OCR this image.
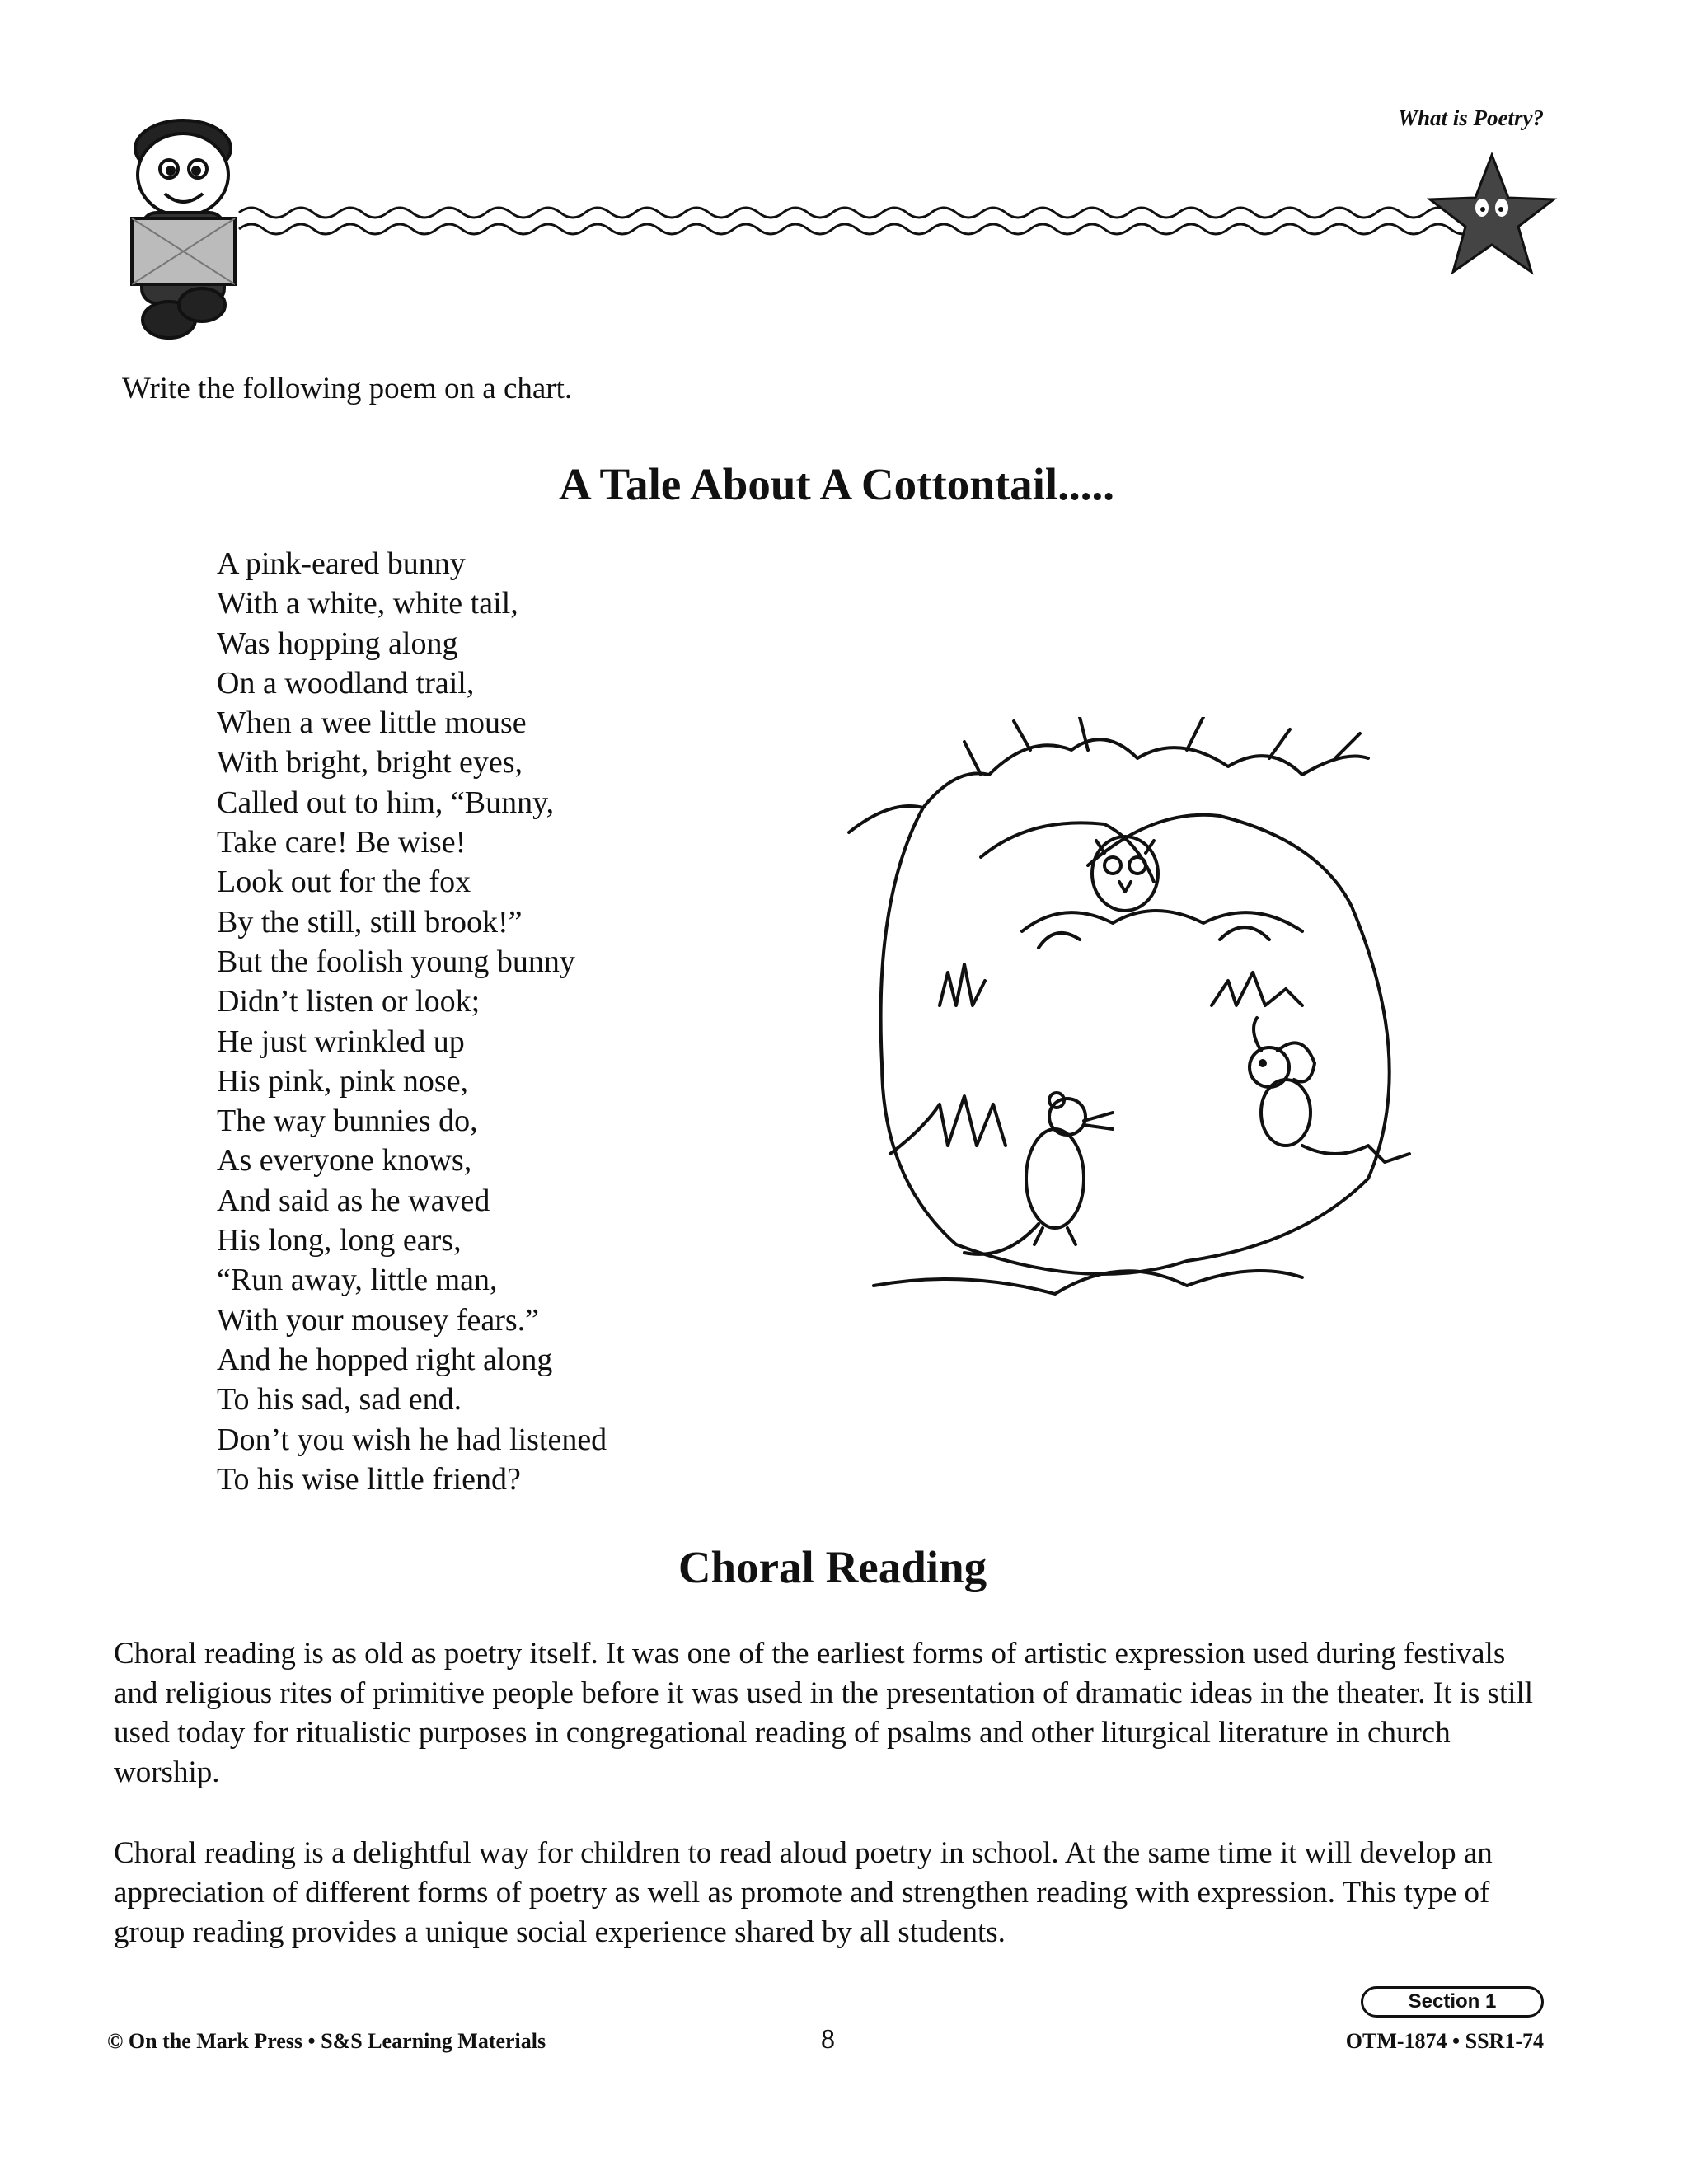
What is Poetry?
Write the following poem on a chart.
A Tale About A Cottontail.....
A pink-eared bunny
With a white, white tail,
Was hopping along
On a woodland trail,
When a wee little mouse
With bright, bright eyes,
Called out to him, “Bunny,
Take care! Be wise!
Look out for the fox
By the still, still brook!”
But the foolish young bunny
Didn’t listen or look;
He just wrinkled up
His pink, pink nose,
The way bunnies do,
As everyone knows,
And said as he waved
His long, long ears,
“Run away, little man,
With your mousey fears.”
And he hopped right along
To his sad, sad end.
Don’t you wish he had listened
To his wise little friend?
Choral Reading

Choral reading is as old as poetry itself. It was one of the earliest forms of artistic expression used during festivals and religious rites of primitive people before it was used in the presentation of dramatic ideas in the theater. It is still used today for ritualistic purposes in congregational reading of psalms and other liturgical literature in church worship.

Choral reading is a delightful way for children to read aloud poetry in school. At the same time it will develop an appreciation of different forms of poetry as well as promote and strengthen reading with expression. This type of group reading provides a unique social experience shared by all students.

Section 1
© On the Mark Press • S&S Learning Materials	8	OTM-1874 • SSR1-74
